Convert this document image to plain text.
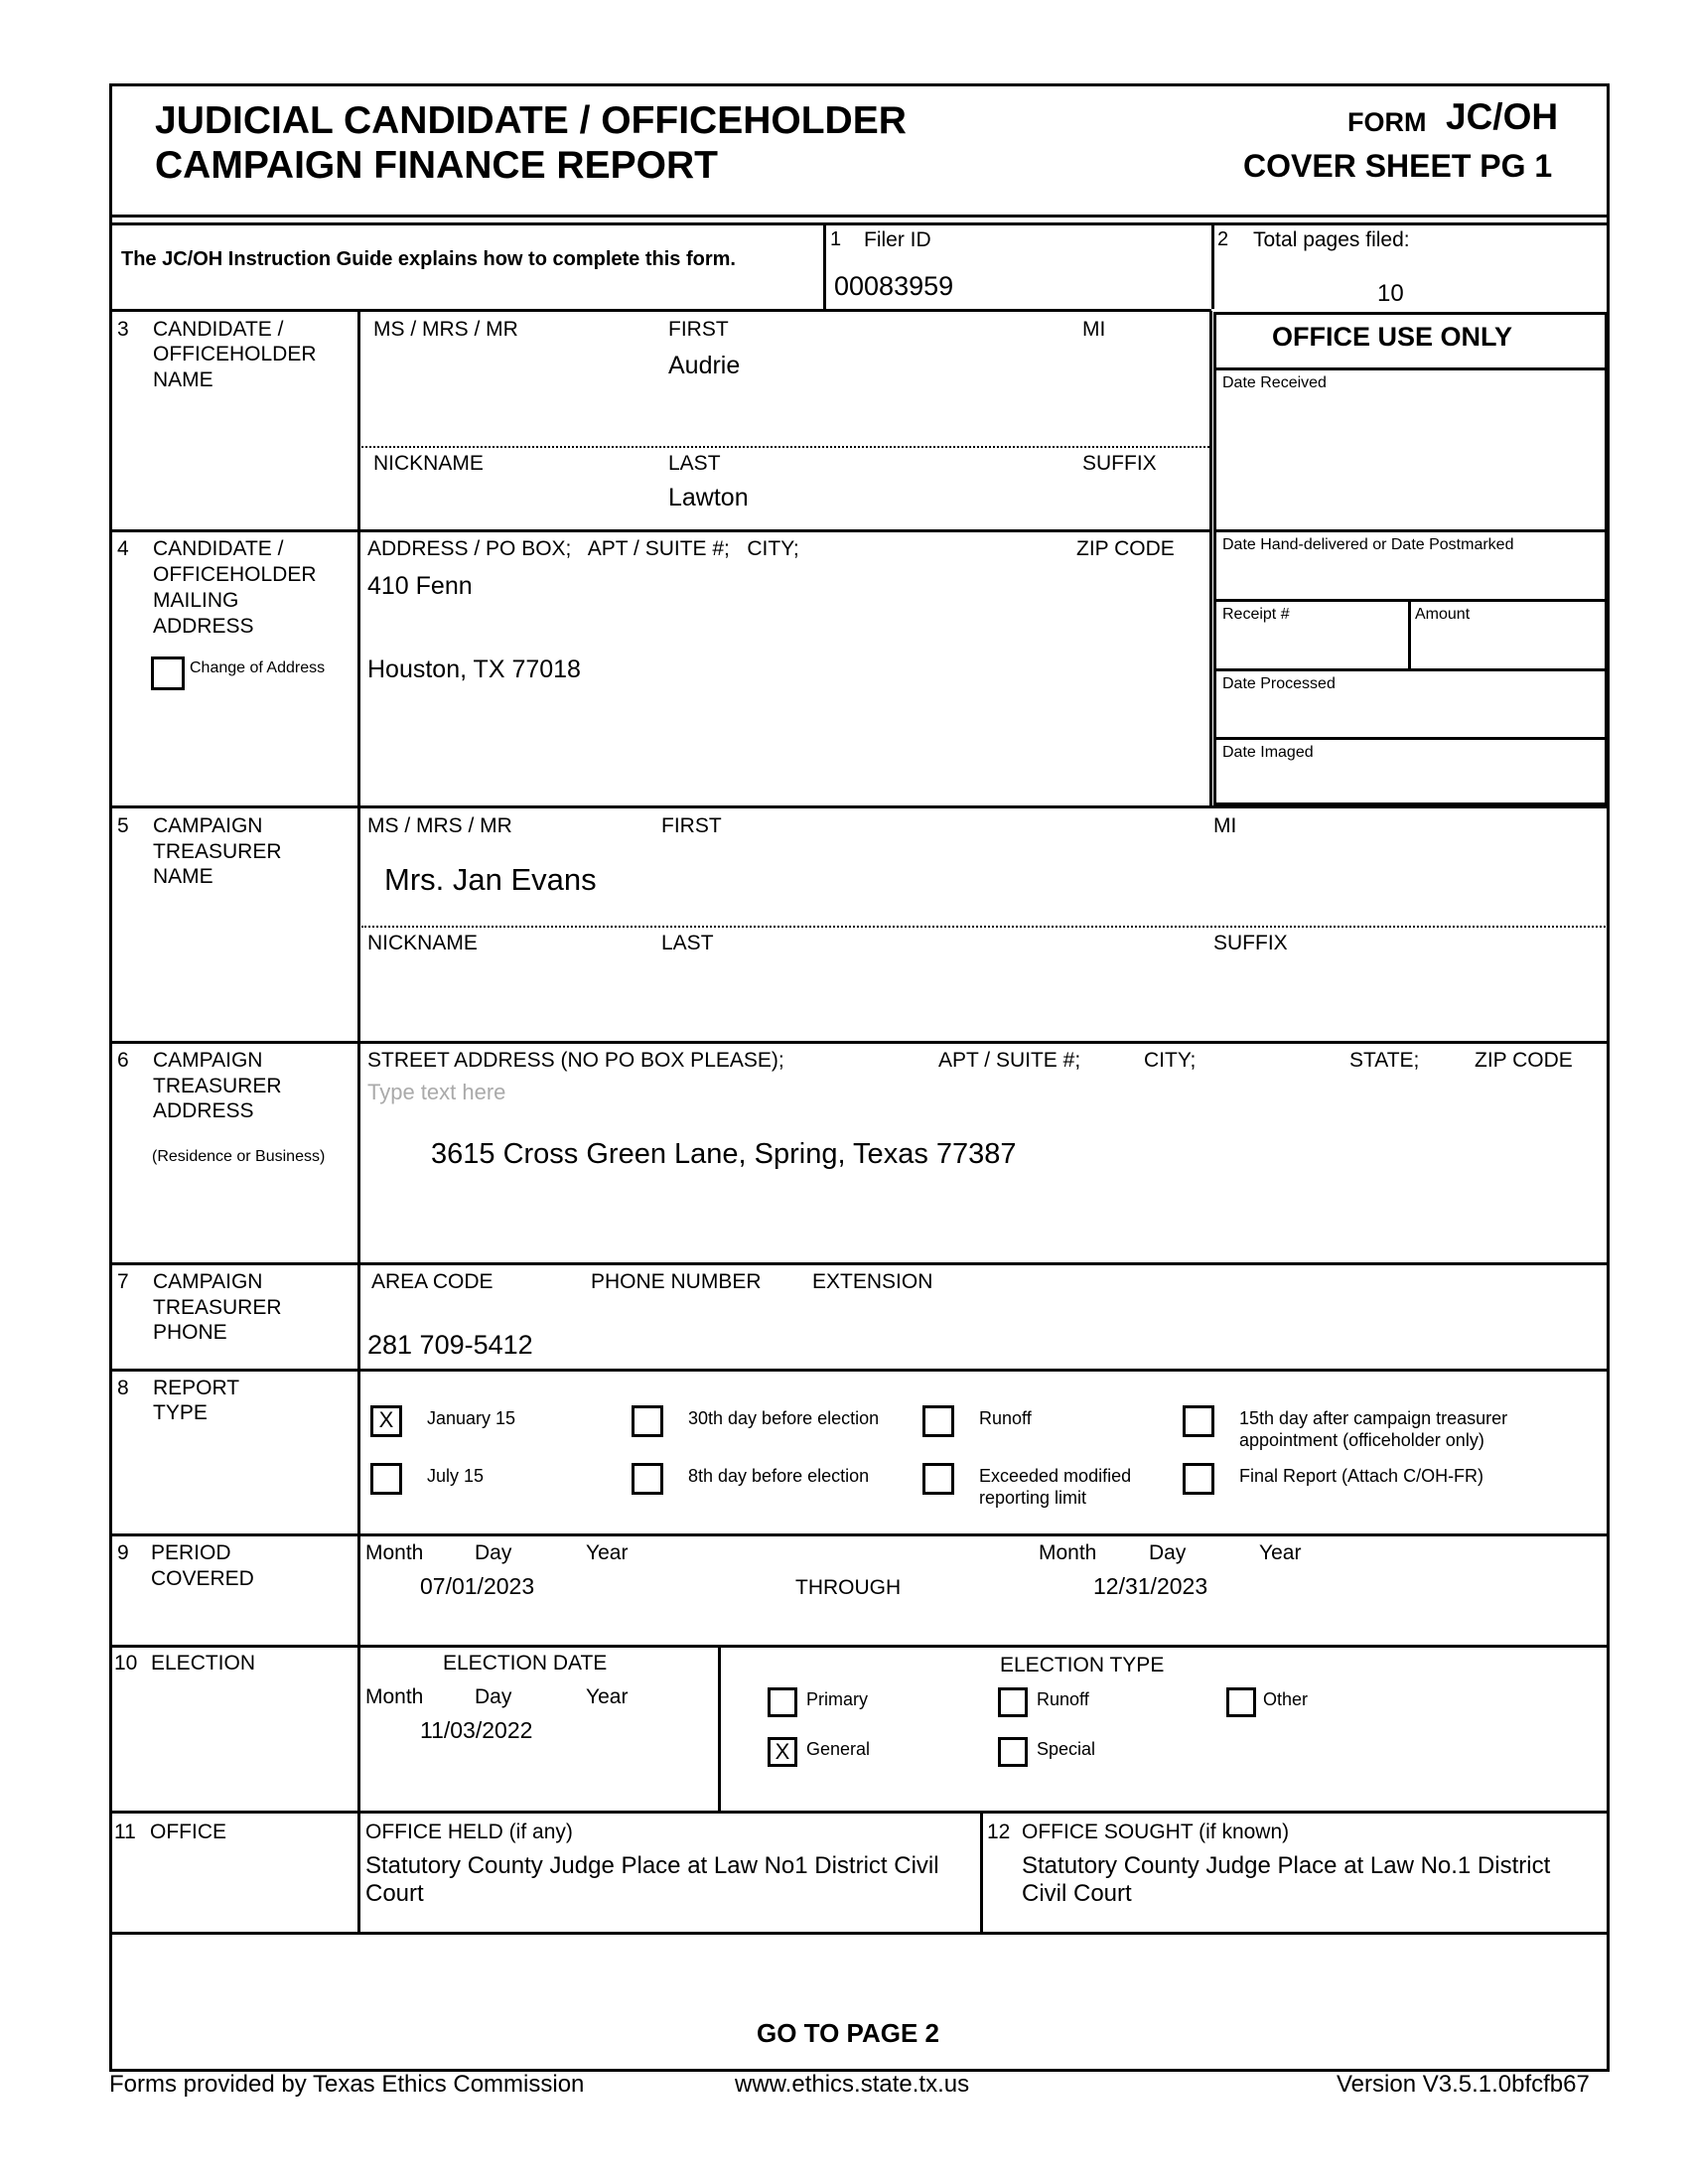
JUDICIAL CANDIDATE / OFFICEHOLDER
CAMPAIGN FINANCE REPORT
FORM JC/OH
COVER SHEET PG 1
The JC/OH Instruction Guide explains how to complete this form.
1 Filer ID
00083959
2 Total pages filed:
10
OFFICE USE ONLY
Date Received
Date Hand-delivered or Date Postmarked
Receipt #	Amount
Date Processed
Date Imaged
3 CANDIDATE /
OFFICEHOLDER
NAME
MS / MRS / MR	FIRST	MI
Audrie
NICKNAME	LAST	SUFFIX
Lawton
4 CANDIDATE /
OFFICEHOLDER
MAILING
ADDRESS
Change of Address
ADDRESS / PO BOX;   APT / SUITE #;   CITY;	ZIP CODE
410 Fenn
Houston, TX 77018
5 CAMPAIGN
TREASURER
NAME
MS / MRS / MR	FIRST	MI
Mrs. Jan Evans
NICKNAME	LAST	SUFFIX
6 CAMPAIGN
TREASURER
ADDRESS
(Residence or Business)
STREET ADDRESS (NO PO BOX PLEASE);	APT / SUITE #;	CITY;	STATE;	ZIP CODE
Type text here
3615 Cross Green Lane, Spring, Texas 77387
7 CAMPAIGN
TREASURER
PHONE
AREA CODE	PHONE NUMBER EXTENSION
281 709-5412
8 REPORT
TYPE	X	January 15	30th day before election	Runoff	15th day after campaign treasurer
appointment (officeholder only)
July 15	8th day before election	Exceeded modified
reporting limit
Final Report (Attach C/OH-FR)
9 PERIOD
COVERED
Month Day	Year
07/01/2023	THROUGH
Month	Day	Year
12/31/2023
10 ELECTION	ELECTION DATE
Month Day	Year
11/03/2022
ELECTION TYPE
Primary	Runoff	Other
X General	Special
11 OFFICE	OFFICE HELD (if any)
Statutory County Judge Place at Law No1 District Civil
Court
12 OFFICE SOUGHT (if known)
Statutory County Judge Place at Law No.1 District
Civil Court
GO TO PAGE 2
Forms provided by Texas Ethics Commission	www.ethics.state.tx.us	Version V3.5.1.0bfcfb67
